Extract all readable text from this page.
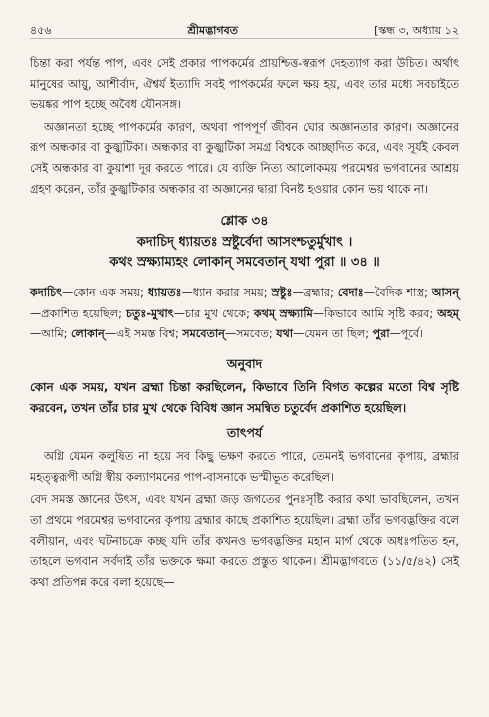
৪৫৬	শ্রীমদ্ভাগবত	[স্কন্ধ ৩, অধ্যায় ১২

চিন্তা করা পর্যন্ত পাপ, এবং সেই প্রকার পাপকর্মের প্রায়শ্চিত্ত-স্বরূপ দেহত্যাগ করা উচিত। অর্থাৎ মানুষের আয়ু, আশীর্বাদ, ঐশ্বর্য ইত্যাদি সবই পাপকর্মের ফলে ক্ষয় হয়, এবং তার মধ্যে সবচাইতে ভয়ঙ্কর পাপ হচ্ছে অবৈধ যৌনসঙ্গ।

অজ্ঞানতা হচ্ছে পাপকর্মের কারণ, অথবা পাপপূর্ণ জীবন ঘোর অজ্ঞানতার কারণ। অজ্ঞানের রূপ অন্ধকার বা কুজ্ঝটিকা। অন্ধকার বা কুজ্ঝটিকা সমগ্র বিশ্বকে আচ্ছাদিত করে, এবং সূর্যই কেবল সেই অন্ধকার বা কুয়াশা দূর করতে পারে। যে ব্যক্তি নিত্য আলোকময় পরমেশ্বর ভগবানের আশ্রয় গ্রহণ করেন, তাঁর কুজ্ঝটিকার অন্ধকার বা অজ্ঞানের দ্বারা বিনষ্ট হওয়ার কোন ভয় থাকে না।

শ্লোক ৩৪
কদাচিদ্ ধ্যায়তঃ স্রষ্টুর্বেদা আসংশ্চতুর্মুখাৎ ।
কথং স্রক্ষ্যাম্যহং লোকান্ সমবেতান্ যথা পুরা ॥ ৩৪ ॥
কদাচিৎ—কোন এক সময়; ধ্যায়তঃ—ধ্যান করার সময়; স্রষ্টুঃ—ব্রহ্মার; বেদাঃ—বৈদিক শাস্ত্র; আসন্—প্রকাশিত হয়েছিল; চতুঃ-মুখাৎ—চার মুখ থেকে; কথম্ স্রক্ষ্যামি—কিভাবে আমি সৃষ্টি করব; অহম্—আমি; লোকান্—এই সমস্ত বিশ্ব; সমবেতান্—সমবেত; যথা—যেমন তা ছিল; পুরা—পূর্বে।
অনুবাদ

কোন এক সময়, যখন ব্রহ্মা চিন্তা করছিলেন, কিভাবে তিনি বিগত কল্পের মতো বিশ্ব সৃষ্টি করবেন, তখন তাঁর চার মুখ থেকে বিবিধ জ্ঞান সমন্বিত চতুর্বেদ প্রকাশিত হয়েছিল।

তাৎপর্য

অগ্নি যেমন কলুষিত না হয়ে সব কিছু ভক্ষণ করতে পারে, তেমনই ভগবানের কৃপায়, ব্রহ্মার মহত্ত্বরূপী অগ্নি স্বীয় কল্যাণমনের পাপ-বাসনাকে ভস্মীভূত করেছিল।

বেদ সমস্ত জ্ঞানের উৎস, এবং যখন ব্রহ্মা জড় জগতের পুনঃসৃষ্টি করার কথা ভাবছিলেন, তখন তা প্রথমে পরমেশ্বর ভগবানের কৃপায় ব্রহ্মার কাছে প্রকাশিত হয়েছিল। ব্রহ্মা তাঁর ভগবদ্ভক্তির বলে বলীয়ান, এবং ঘটনাচক্রে কচ্ছ যদি তাঁর কখনও ভগবদ্ভক্তির মহান মার্গ থেকে অধঃপতিত হন, তাহলে ভগবান সর্বদাই তাঁর ভক্তকে ক্ষমা করতে প্রস্তুত থাকেন। শ্রীমদ্ভাগবতে (১১/৫/৪২) সেই কথা প্রতিপন্ন করে বলা হয়েছে—
